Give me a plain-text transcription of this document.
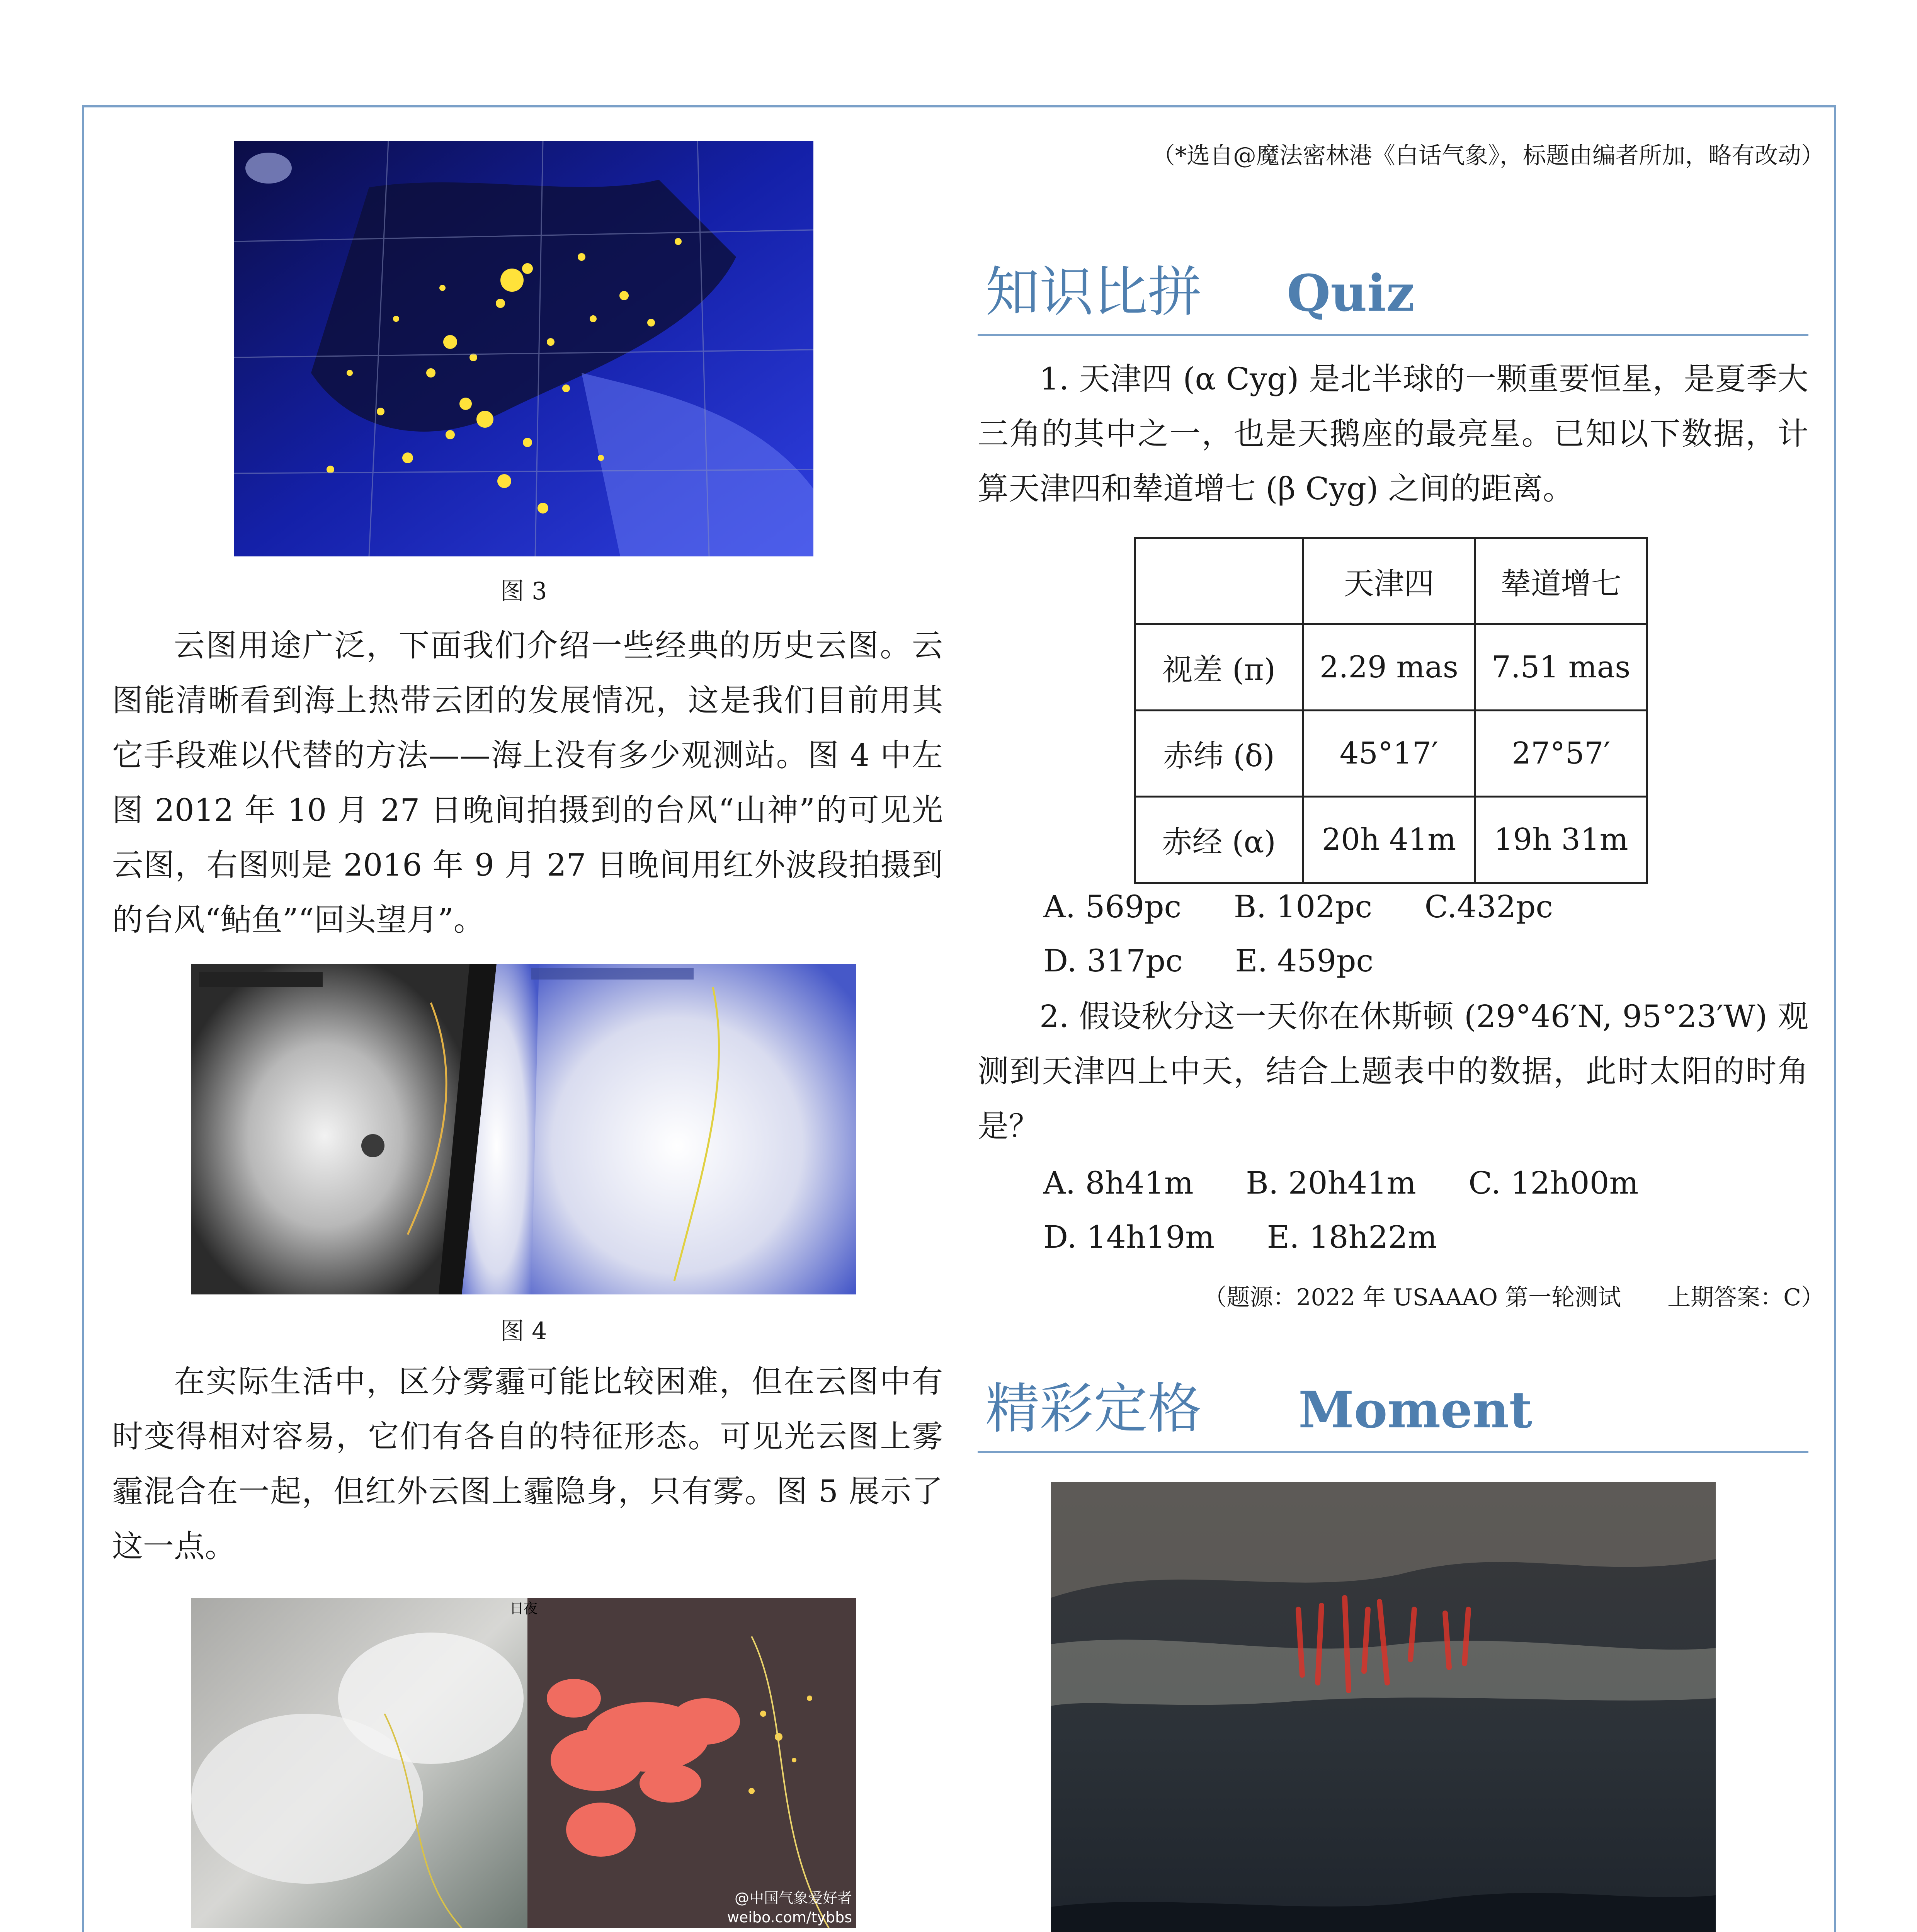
图 3

云图用途广泛，下面我们介绍一些经典的历史云图。云图能清晰看到海上热带云团的发展情况，这是我们目前用其它手段难以代替的方法——海上没有多少观测站。图 4 中左图 2012 年 10 月 27 日晚间拍摄到的台风“山神”的可见光云图，右图则是 2016 年 9 月 27 日晚间用红外波段拍摄到的台风“鲇鱼”“回头望月”。

图 4

在实际生活中，区分雾霾可能比较困难，但在云图中有时变得相对容易，它们有各自的特征形态。可见光云图上雾霾混合在一起，但红外云图上霾隐身，只有雾。图 5 展示了这一点。

日夜
@中国气象爱好者
weibo.com/tybbs

（*选自@魔法密林港《白话气象》，标题由编者所加，略有改动）
知识比拼 Quiz

1. 天津四 (α Cyg) 是北半球的一颗重要恒星，是夏季大三角的其中之一，也是天鹅座的最亮星。已知以下数据，计算天津四和辇道增七 (β Cyg) 之间的距离。

	天津四	辇道增七
视差 (π)	2.29 mas	7.51 mas
赤纬 (δ)	45°17′	27°57′
赤经 (α)	20h 41m	19h 31m
A. 569pc B. 102pc C.432pc
D. 317pc E. 459pc

2. 假设秋分这一天你在休斯顿 (29°46′N, 95°23′W) 观测到天津四上中天，结合上题表中的数据，此时太阳的时角是？

A. 8h41m B. 20h41m C. 12h00m
D. 14h19m E. 18h22m
（题源：2022 年 USAAAO 第一轮测试　　上期答案：C）
精彩定格 Moment
